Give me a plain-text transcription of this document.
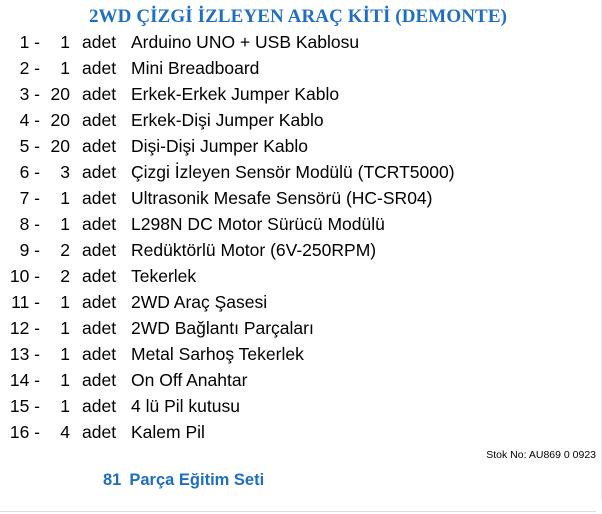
2WD ÇİZGİ İZLEYEN ARAÇ KİTİ (DEMONTE)
1 -	1 adet Arduino UNO + USB Kablosu
2 -	1 adet Mini Breadboard
3 - 20 adet Erkek-Erkek Jumper Kablo
4 - 20 adet Erkek-Dişi Jumper Kablo
5 - 20 adet Dişi-Dişi Jumper Kablo
6 -	3 adet Çizgi İzleyen Sensör Modülü (TCRT5000)
7 -	1 adet Ultrasonik Mesafe Sensörü (HC-SR04)
8 -	1 adet L298N DC Motor Sürücü Modülü
9 -	2 adet Redüktörlü Motor (6V-250RPM)
10 -	2 adet Tekerlek
11 -	1 adet 2WD Araç Şasesi
12 -	1 adet 2WD Bağlantı Parçaları
13 -	1 adet Metal Sarhoş Tekerlek
14 -	1 adet On Off Anahtar
15 -	1 adet 4 lü Pil kutusu
16 -	4 adet Kalem Pil
Stok No: AU869 0 0923
81 Parça Eğitim Seti
